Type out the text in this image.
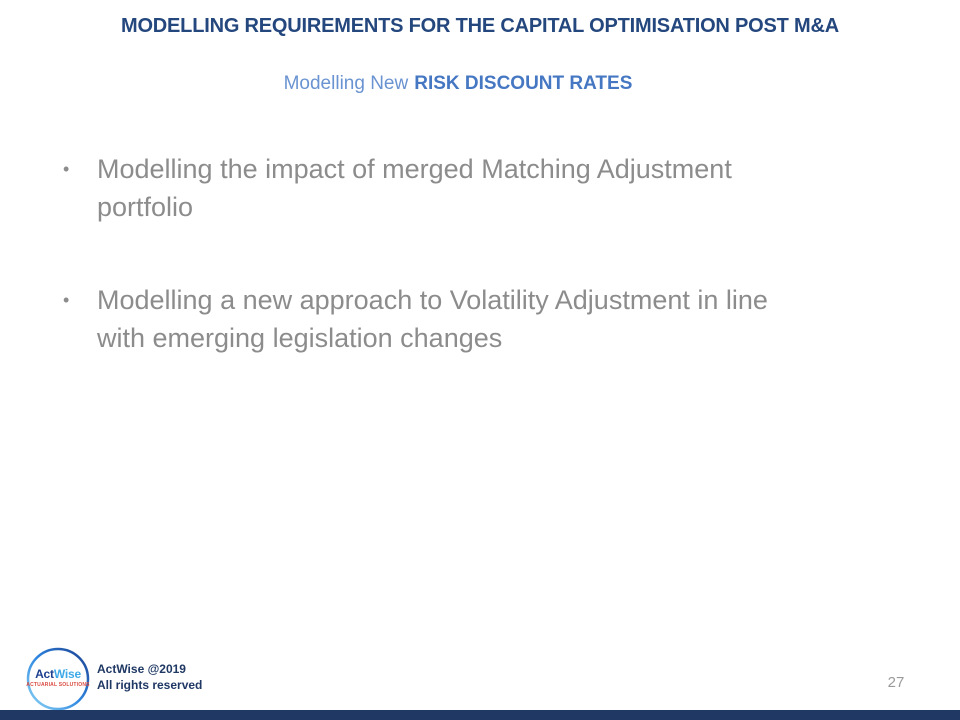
MODELLING REQUIREMENTS FOR THE CAPITAL OPTIMISATION POST M&A
Modelling New RISK DISCOUNT RATES
•	Modelling the impact of merged Matching Adjustment portfolio
•	Modelling a new approach to Volatility Adjustment in line with emerging legislation changes
ActWise
ACTUARIAL SOLUTIONS
ActWise @2019
All rights reserved	27
